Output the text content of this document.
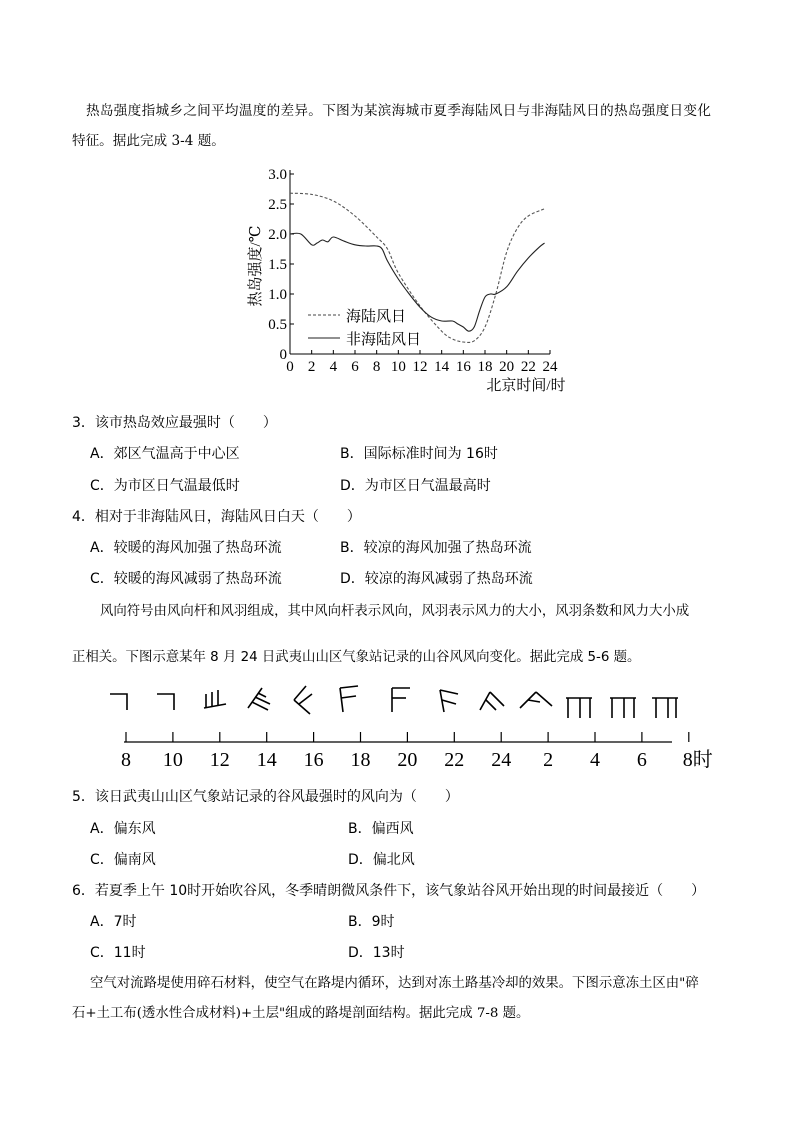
热岛强度指城乡之间平均温度的差异。下图为某滨海城市夏季海陆风日与非海陆风日的热岛强度日变化
特征。据此完成 3-4 题。
0
0.5
1.0
1.5
2.0
2.5
3.0
0 2 4 6 8 10 12 14 16 18 20 22 24
热岛强度/℃
北京时间/时
海陆风日
非海陆风日
3．该市热岛效应最强时（　　）
A．郊区气温高于中心区	B．国际标准时间为 16时
C．为市区日气温最低时	D．为市区日气温最高时
4．相对于非海陆风日，海陆风日白天（　　）
A．较暖的海风加强了热岛环流	B．较凉的海风加强了热岛环流
C．较暖的海风减弱了热岛环流	D．较凉的海风减弱了热岛环流
风向符号由风向杆和风羽组成，其中风向杆表示风向，风羽表示风力的大小，风羽条数和风力大小成
正相关。下图示意某年 8 月 24 日武夷山山区气象站记录的山谷风风向变化。据此完成 5-6 题。
8 10 12 14 16 18 20 22 24 2 4 6 8时
5．该日武夷山山区气象站记录的谷风最强时的风向为（　　）
A．偏东风	B．偏西风
C．偏南风	D．偏北风
6．若夏季上午 10时开始吹谷风，冬季晴朗微风条件下，该气象站谷风开始出现的时间最接近（　　）
A．7时	B．9时
C．11时	D．13时
空气对流路堤使用碎石材料，使空气在路堤内循环，达到对冻土路基冷却的效果。下图示意冻土区由"碎
石+土工布(透水性合成材料)+土层"组成的路堤剖面结构。据此完成 7-8 题。
